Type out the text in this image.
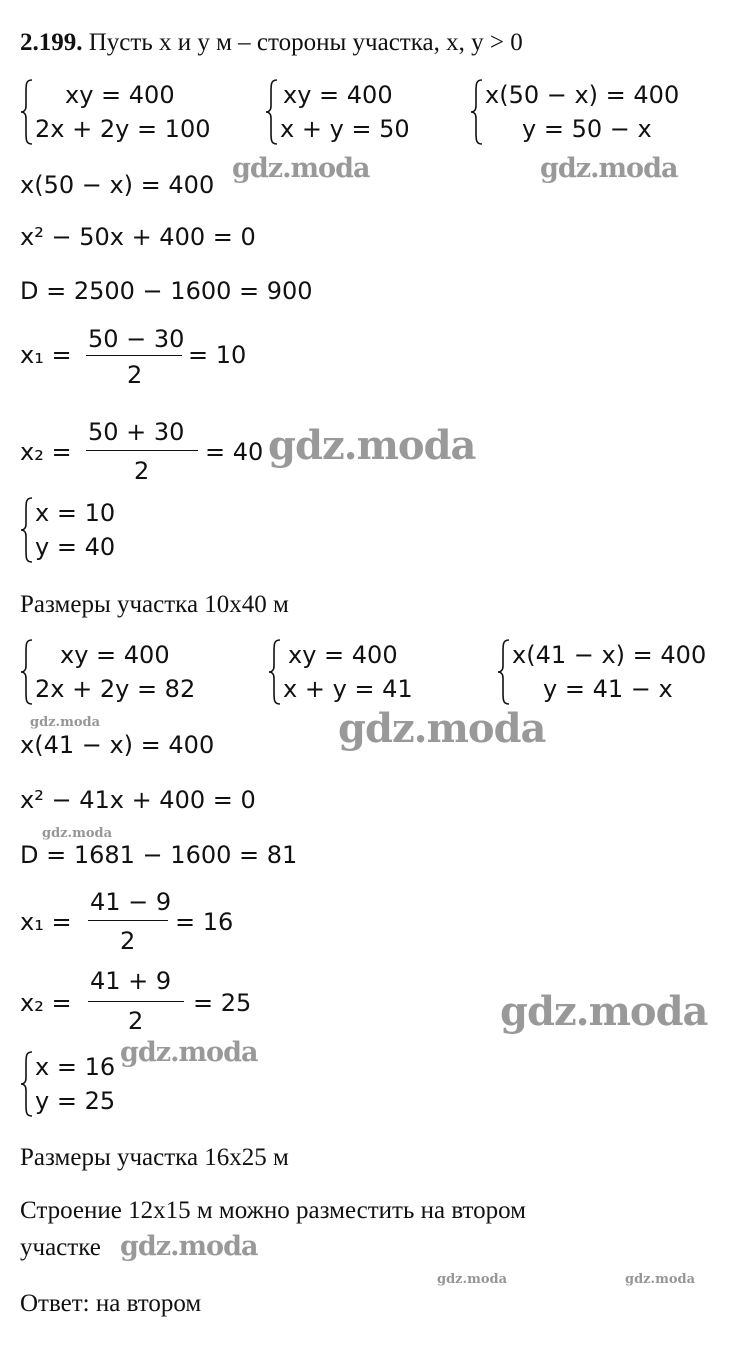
2.199. Пусть x и y м – стороны участка, x, y > 0
xy = 400
2x + 2y = 100
xy = 400
x + y = 50
x(50 − x) = 400
y = 50 − x
x(50 − x) = 400
x² − 50x + 400 = 0
D = 2500 − 1600 = 900
x₁ =
50 − 30
2
= 10
x₂ =
50 + 30
2
= 40
x = 10
y = 40
Размеры участка 10x40 м
xy = 400
2x + 2y = 82
xy = 400
x + y = 41
x(41 − x) = 400
y = 41 − x
x(41 − x) = 400
x² − 41x + 400 = 0
D = 1681 − 1600 = 81
x₁ =
41 − 9
2
= 16
x₂ =
41 + 9
2
= 25
x = 16
y = 25
Размеры участка 16x25 м
Строение 12x15 м можно разместить на втором
участке
Ответ: на втором
gdz.moda	gdz.moda
gdz.moda
gdz.moda	gdz.moda
gdz.moda
gdz.moda
gdz.moda
gdz.moda
gdz.moda	gdz.moda
